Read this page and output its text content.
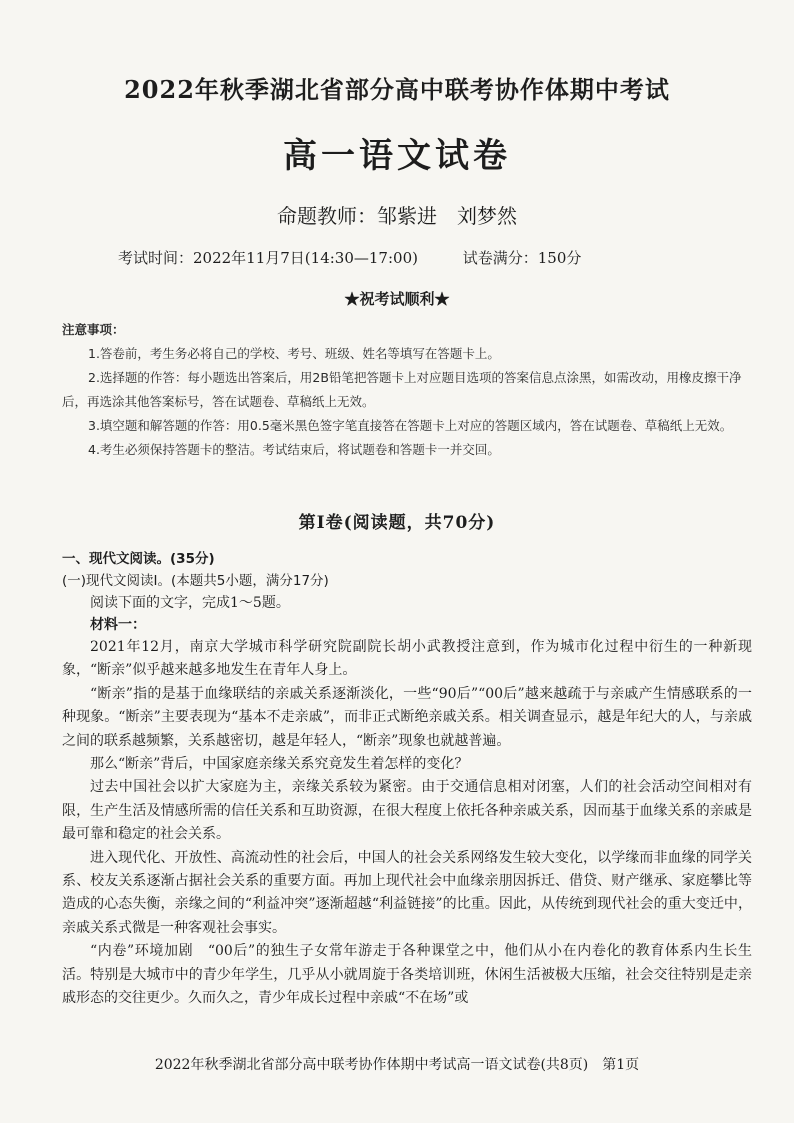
2022年秋季湖北省部分高中联考协作体期中考试
高一语文试卷
命题教师：邹紫进　刘梦然
考试时间：2022年11月7日(14:30—17:00)	试卷满分：150分
★祝考试顺利★
注意事项：
1.答卷前，考生务必将自己的学校、考号、班级、姓名等填写在答题卡上。
2.选择题的作答：每小题选出答案后，用2B铅笔把答题卡上对应题目选项的答案信息点涂黑，如需改动，用橡皮擦干净后，再选涂其他答案标号，答在试题卷、草稿纸上无效。
3.填空题和解答题的作答：用0.5毫米黑色签字笔直接答在答题卡上对应的答题区域内，答在试题卷、草稿纸上无效。
4.考生必须保持答题卡的整洁。考试结束后，将试题卷和答题卡一并交回。
第Ⅰ卷(阅读题，共70分)
一、现代文阅读。(35分)
(一)现代文阅读Ⅰ。(本题共5小题，满分17分)
阅读下面的文字，完成1～5题。
材料一：

2021年12月，南京大学城市科学研究院副院长胡小武教授注意到，作为城市化过程中衍生的一种新现象，“断亲”似乎越来越多地发生在青年人身上。

“断亲”指的是基于血缘联结的亲戚关系逐渐淡化，一些“90后”“00后”越来越疏于与亲戚产生情感联系的一种现象。“断亲”主要表现为“基本不走亲戚”，而非正式断绝亲戚关系。相关调查显示，越是年纪大的人，与亲戚之间的联系越频繁，关系越密切，越是年轻人，“断亲”现象也就越普遍。

那么“断亲”背后，中国家庭亲缘关系究竟发生着怎样的变化？

过去中国社会以扩大家庭为主，亲缘关系较为紧密。由于交通信息相对闭塞，人们的社会活动空间相对有限，生产生活及情感所需的信任关系和互助资源，在很大程度上依托各种亲戚关系，因而基于血缘关系的亲戚是最可靠和稳定的社会关系。

进入现代化、开放性、高流动性的社会后，中国人的社会关系网络发生较大变化，以学缘而非血缘的同学关系、校友关系逐渐占据社会关系的重要方面。再加上现代社会中血缘亲朋因拆迁、借贷、财产继承、家庭攀比等造成的心态失衡，亲缘之间的“利益冲突”逐渐超越“利益链接”的比重。因此，从传统到现代社会的重大变迁中，亲戚关系式微是一种客观社会事实。

“内卷”环境加剧　“00后”的独生子女常年游走于各种课堂之中，他们从小在内卷化的教育体系内生长生活。特别是大城市中的青少年学生，几乎从小就周旋于各类培训班，休闲生活被极大压缩，社会交往特别是走亲戚形态的交往更少。久而久之，青少年成长过程中亲戚“不在场”或

2022年秋季湖北省部分高中联考协作体期中考试高一语文试卷(共8页)　第1页
